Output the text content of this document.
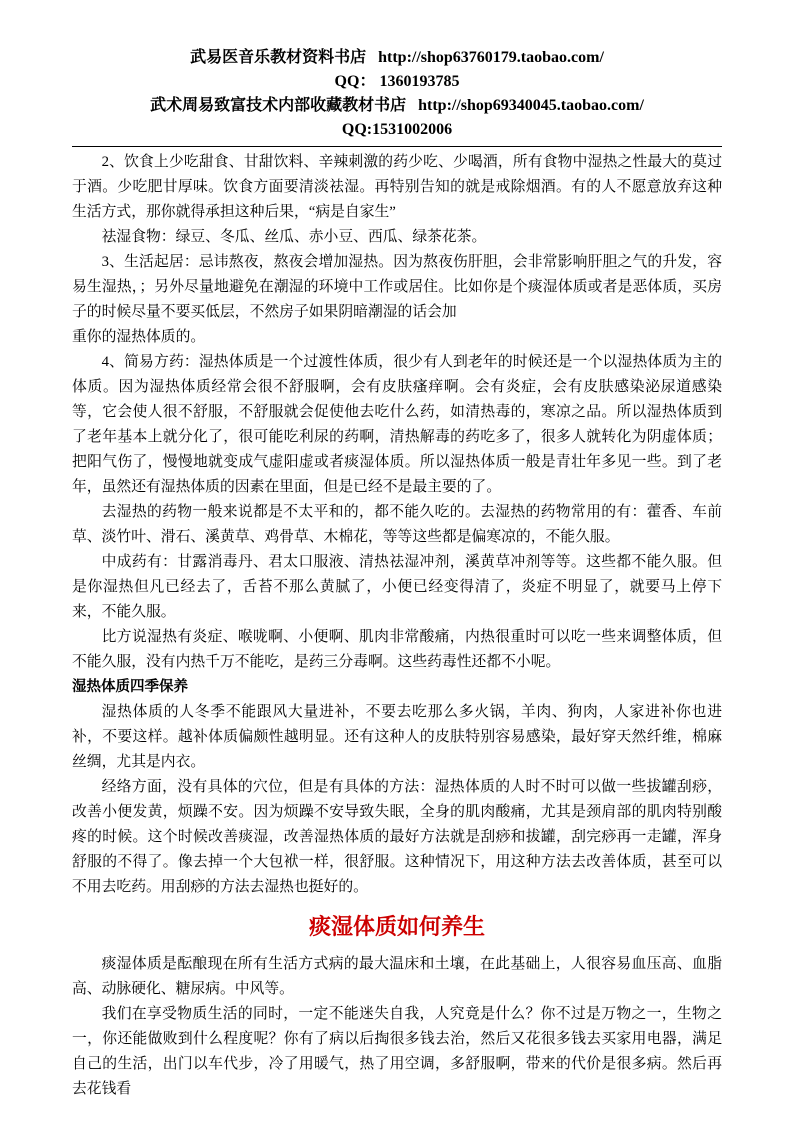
武易医音乐教材资料书店 http://shop63760179.taobao.com/
QQ： 1360193785
武术周易致富技术内部收藏教材书店 http://shop69340045.taobao.com/
QQ:1531002006

2、饮食上少吃甜食、甘甜饮料、辛辣刺激的药少吃、少喝酒，所有食物中湿热之性最大的莫过于酒。少吃肥甘厚味。饮食方面要清淡祛湿。再特别告知的就是戒除烟酒。有的人不愿意放弃这种生活方式，那你就得承担这种后果，“病是自家生”

祛湿食物：绿豆、冬瓜、丝瓜、赤小豆、西瓜、绿茶花茶。

3、生活起居：忌讳熬夜，熬夜会增加湿热。因为熬夜伤肝胆，会非常影响肝胆之气的升发，容易生湿热，；另外尽量地避免在潮湿的环境中工作或居住。比如你是个痰湿体质或者是恶体质，买房子的时候尽量不要买低层，不然房子如果阴暗潮湿的话会加

重你的湿热体质的。

4、简易方药：湿热体质是一个过渡性体质，很少有人到老年的时候还是一个以湿热体质为主的体质。因为湿热体质经常会很不舒服啊，会有皮肤瘙痒啊。会有炎症，会有皮肤感染泌尿道感染等，它会使人很不舒服，不舒服就会促使他去吃什么药，如清热毒的，寒凉之品。所以湿热体质到了老年基本上就分化了，很可能吃利尿的药啊，清热解毒的药吃多了，很多人就转化为阴虚体质；把阳气伤了，慢慢地就变成气虚阳虚或者痰湿体质。所以湿热体质一般是青壮年多见一些。到了老年，虽然还有湿热体质的因素在里面，但是已经不是最主要的了。

去湿热的药物一般来说都是不太平和的，都不能久吃的。去湿热的药物常用的有：藿香、车前草、淡竹叶、滑石、溪黄草、鸡骨草、木棉花，等等这些都是偏寒凉的，不能久服。

中成药有：甘露消毒丹、君太口服液、清热祛湿冲剂，溪黄草冲剂等等。这些都不能久服。但是你湿热但凡已经去了，舌苔不那么黄腻了，小便已经变得清了，炎症不明显了，就要马上停下来，不能久服。

比方说湿热有炎症、喉咙啊、小便啊、肌肉非常酸痛，内热很重时可以吃一些来调整体质，但不能久服，没有内热千万不能吃，是药三分毒啊。这些药毒性还都不小呢。

湿热体质四季保养

湿热体质的人冬季不能跟风大量进补，不要去吃那么多火锅，羊肉、狗肉，人家进补你也进补，不要这样。越补体质偏颇性越明显。还有这种人的皮肤特别容易感染，最好穿天然纤维，棉麻丝绸，尤其是内衣。

经络方面，没有具体的穴位，但是有具体的方法：湿热体质的人时不时可以做一些拔罐刮痧，改善小便发黄，烦躁不安。因为烦躁不安导致失眠，全身的肌肉酸痛，尤其是颈肩部的肌肉特别酸疼的时候。这个时候改善痰湿，改善湿热体质的最好方法就是刮痧和拔罐，刮完痧再一走罐，浑身舒服的不得了。像去掉一个大包袱一样，很舒服。这种情况下，用这种方法去改善体质，甚至可以不用去吃药。用刮痧的方法去湿热也挺好的。

痰湿体质如何养生

痰湿体质是酝酿现在所有生活方式病的最大温床和土壤，在此基础上，人很容易血压高、血脂高、动脉硬化、糖尿病。中风等。

我们在享受物质生活的同时，一定不能迷失自我，人究竟是什么？你不过是万物之一，生物之一，你还能做败到什么程度呢？你有了病以后掏很多钱去治，然后又花很多钱去买家用电器，满足自己的生活，出门以车代步，冷了用暖气，热了用空调，多舒服啊，带来的代价是很多病。然后再去花钱看
